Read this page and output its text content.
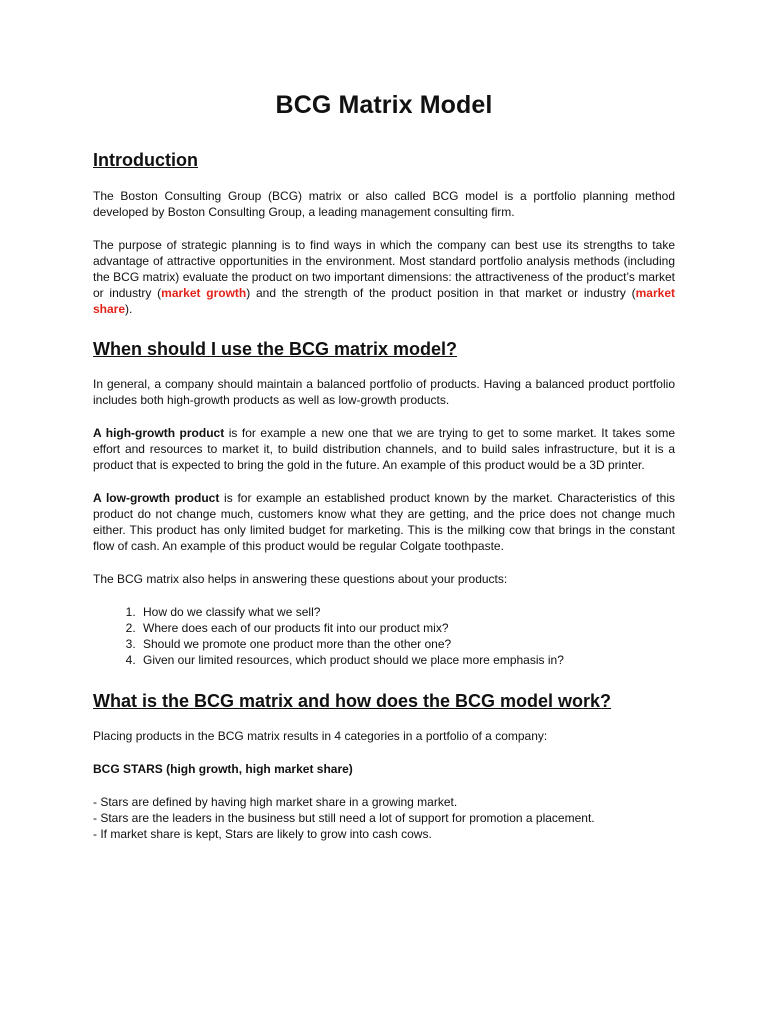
BCG Matrix Model
Introduction

The Boston Consulting Group (BCG) matrix or also called BCG model is a portfolio planning method developed by Boston Consulting Group, a leading management consulting firm.

The purpose of strategic planning is to find ways in which the company can best use its strengths to take advantage of attractive opportunities in the environment. Most standard portfolio analysis methods (including the BCG matrix) evaluate the product on two important dimensions: the attractiveness of the product’s market or industry (market growth) and the strength of the product position in that market or industry (market share).

When should I use the BCG matrix model?

In general, a company should maintain a balanced portfolio of products. Having a balanced product portfolio includes both high-growth products as well as low-growth products.

A high-growth product is for example a new one that we are trying to get to some market. It takes some effort and resources to market it, to build distribution channels, and to build sales infrastructure, but it is a product that is expected to bring the gold in the future. An example of this product would be a 3D printer.

A low-growth product is for example an established product known by the market. Characteristics of this product do not change much, customers know what they are getting, and the price does not change much either. This product has only limited budget for marketing. This is the milking cow that brings in the constant flow of cash. An example of this product would be regular Colgate toothpaste.

The BCG matrix also helps in answering these questions about your products:

1. How do we classify what we sell?
2. Where does each of our products fit into our product mix?
3. Should we promote one product more than the other one?
4. Given our limited resources, which product should we place more emphasis in?
What is the BCG matrix and how does the BCG model work?

Placing products in the BCG matrix results in 4 categories in a portfolio of a company:

BCG STARS (high growth, high market share)

- Stars are defined by having high market share in a growing market.
- Stars are the leaders in the business but still need a lot of support for promotion a placement.
- If market share is kept, Stars are likely to grow into cash cows.
